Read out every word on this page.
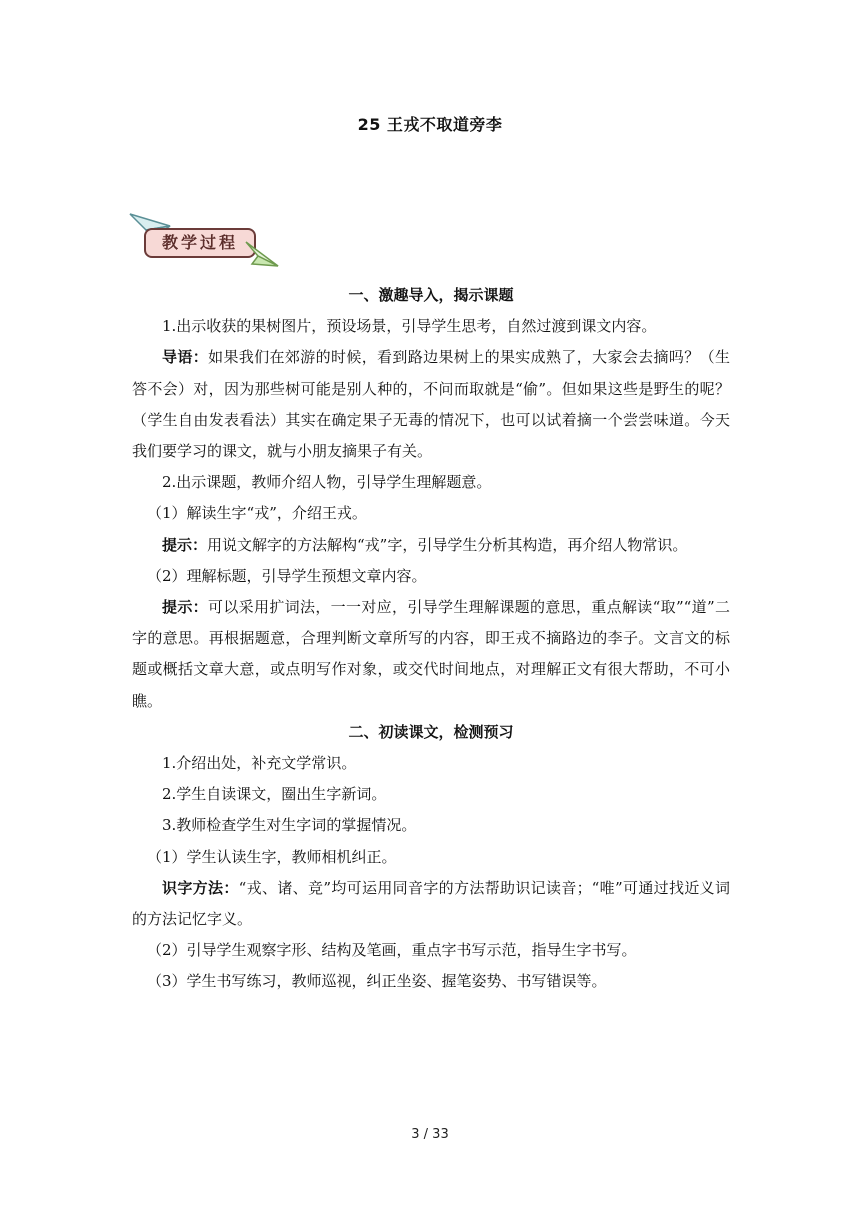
25 王戎不取道旁李
教学过程

一、激趣导入，揭示课题

1.出示收获的果树图片，预设场景，引导学生思考，自然过渡到课文内容。

导语：如果我们在郊游的时候，看到路边果树上的果实成熟了，大家会去摘吗？（生答不会）对，因为那些树可能是别人种的，不问而取就是“偷”。但如果这些是野生的呢？（学生自由发表看法）其实在确定果子无毒的情况下，也可以试着摘一个尝尝味道。今天我们要学习的课文，就与小朋友摘果子有关。

2.出示课题，教师介绍人物，引导学生理解题意。

（1）解读生字“戎”，介绍王戎。

提示：用说文解字的方法解构“戎”字，引导学生分析其构造，再介绍人物常识。

（2）理解标题，引导学生预想文章内容。

提示：可以采用扩词法，一一对应，引导学生理解课题的意思，重点解读“取”“道”二字的意思。再根据题意，合理判断文章所写的内容，即王戎不摘路边的李子。文言文的标题或概括文章大意，或点明写作对象，或交代时间地点，对理解正文有很大帮助，不可小瞧。

二、初读课文，检测预习

1.介绍出处，补充文学常识。

2.学生自读课文，圈出生字新词。

3.教师检查学生对生字词的掌握情况。

（1）学生认读生字，教师相机纠正。

识字方法：“戎、诸、竞”均可运用同音字的方法帮助识记读音；“唯”可通过找近义词的方法记忆字义。

（2）引导学生观察字形、结构及笔画，重点字书写示范，指导生字书写。

（3）学生书写练习，教师巡视，纠正坐姿、握笔姿势、书写错误等。

3 / 33
